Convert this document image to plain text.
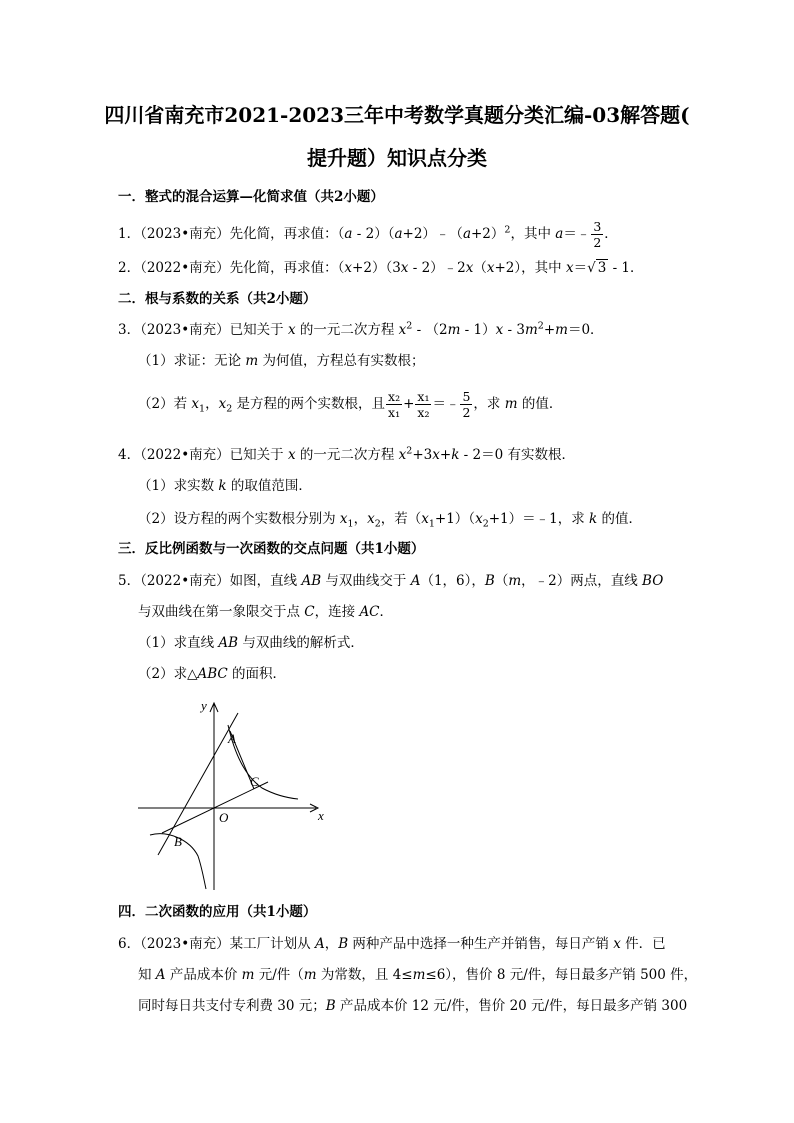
四川省南充市2021-2023三年中考数学真题分类汇编-03解答题(
提升题）知识点分类
一．整式的混合运算—化简求值（共2小题）
1．（2023•南充）先化简，再求值：$(a - 2)(a+2)﹣(a+2)^2$，其中 a＝﹣ $\frac{3}{2}$ ．
2．（2022•南充）先化简，再求值：（x+2）（3x - 2）﹣2x（x+2），其中 x＝√ 3 - 1．
二．根与系数的关系（共2小题）
3．（2023•南充）已知关于 x 的一元二次方程 $x^2 - (2m - 1)x - 3m^2+m=0$．
（1）求证：无论 m 为何值，方程总有实数根；
（2）若 $x_1$，$x_2$ 是方程的两个实数根，且 $\frac{\text{x₂}}{\text{x₁}} + \frac{\text{x₁}}{\text{x₂}}$ ＝﹣ $\frac{5}{2}$ ，求 m 的值．
4．（2022•南充）已知关于 x 的一元二次方程 $x^2+3x+k - 2=0$ 有实数根．
（1）求实数 k 的取值范围．
（2）设方程的两个实数根分别为 $x_1$，$x_2$，若$(x_1+1)(x_2+1)=﹣1$，求 k 的值．
三．反比例函数与一次函数的交点问题（共1小题）
5．（2022•南充）如图，直线 AB 与双曲线交于 A（1，6），B（m，﹣2）两点，直线 BO
与双曲线在第一象限交于点 C，连接 AC．
（1）求直线 AB 与双曲线的解析式．
（2）求△ABC 的面积．
y
x
O
A
B
C
四．二次函数的应用（共1小题）
6．（2023•南充）某工厂计划从 A，B 两种产品中选择一种生产并销售，每日产销 x 件．已
知 A 产品成本价 m 元/件（m 为常数，且 4≤m≤6），售价 8 元/件，每日最多产销 500 件，
同时每日共支付专利费 30 元；B 产品成本价 12 元/件，售价 20 元/件，每日最多产销 300
